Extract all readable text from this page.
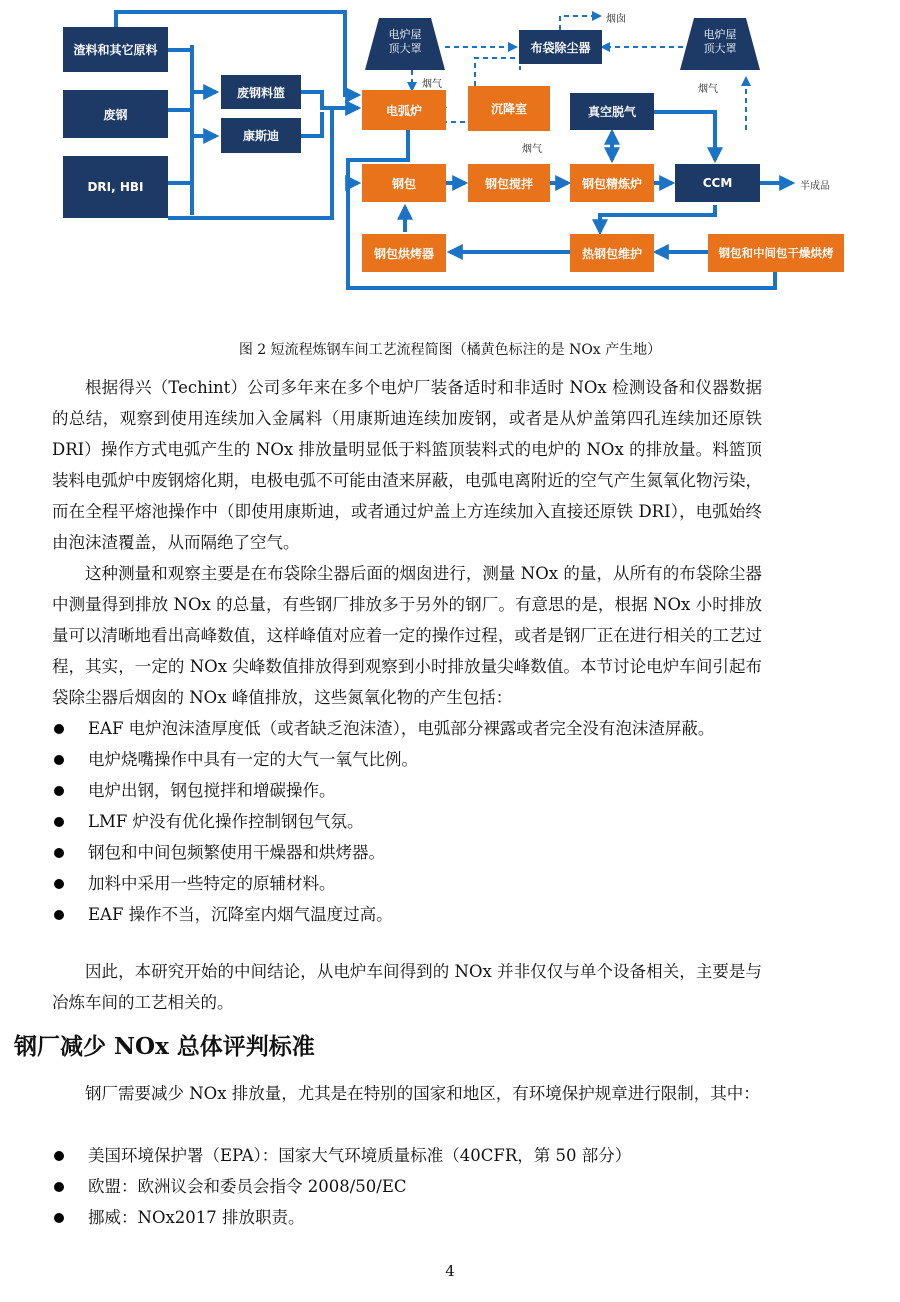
渣料和其它原料
废钢
DRI, HBI
废钢料篮
康斯迪
电弧炉	沉降室
布袋除尘器
真空脱气
钢包	钢包搅拌	钢包精炼炉	CCM
钢包烘烤器	热钢包维护	钢包和中间包干燥烘烤
电炉屋
顶大罩
电炉屋
顶大罩
烟囱
烟气
烟气
烟气
半成品
图 2 短流程炼钢车间工艺流程简图（橘黄色标注的是 NOx 产生地）

根据得兴（Techint）公司多年来在多个电炉厂装备适时和非适时 NOx 检测设备和仪器数据的总结，观察到使用连续加入金属料（用康斯迪连续加废钢，或者是从炉盖第四孔连续加还原铁 DRI）操作方式电弧产生的 NOx 排放量明显低于料篮顶装料式的电炉的 NOx 的排放量。料篮顶装料电弧炉中废钢熔化期，电极电弧不可能由渣来屏蔽，电弧电离附近的空气产生氮氧化物污染，而在全程平熔池操作中（即使用康斯迪，或者通过炉盖上方连续加入直接还原铁 DRI），电弧始终由泡沫渣覆盖，从而隔绝了空气。

这种测量和观察主要是在布袋除尘器后面的烟囱进行，测量 NOx 的量，从所有的布袋除尘器中测量得到排放 NOx 的总量，有些钢厂排放多于另外的钢厂。有意思的是，根据 NOx 小时排放量可以清晰地看出高峰数值，这样峰值对应着一定的操作过程，或者是钢厂正在进行相关的工艺过程，其实，一定的 NOx 尖峰数值排放得到观察到小时排放量尖峰数值。本节讨论电炉车间引起布袋除尘器后烟囱的 NOx 峰值排放，这些氮氧化物的产生包括：

EAF 电炉泡沫渣厚度低（或者缺乏泡沫渣），电弧部分裸露或者完全没有泡沫渣屏蔽。
电炉烧嘴操作中具有一定的大气一氧气比例。
电炉出钢，钢包搅拌和增碳操作。
LMF 炉没有优化操作控制钢包气氛。
钢包和中间包频繁使用干燥器和烘烤器。
加料中采用一些特定的原辅材料。
EAF 操作不当，沉降室内烟气温度过高。

因此，本研究开始的中间结论，从电炉车间得到的 NOx 并非仅仅与单个设备相关，主要是与冶炼车间的工艺相关的。

钢厂减少 NOx 总体评判标准

钢厂需要减少 NOx 排放量，尤其是在特别的国家和地区，有环境保护规章进行限制，其中：

美国环境保护署（EPA）：国家大气环境质量标准（40CFR，第 50 部分）
欧盟：欧洲议会和委员会指令 2008/50/EC
挪威：NOx2017 排放职责。
4
